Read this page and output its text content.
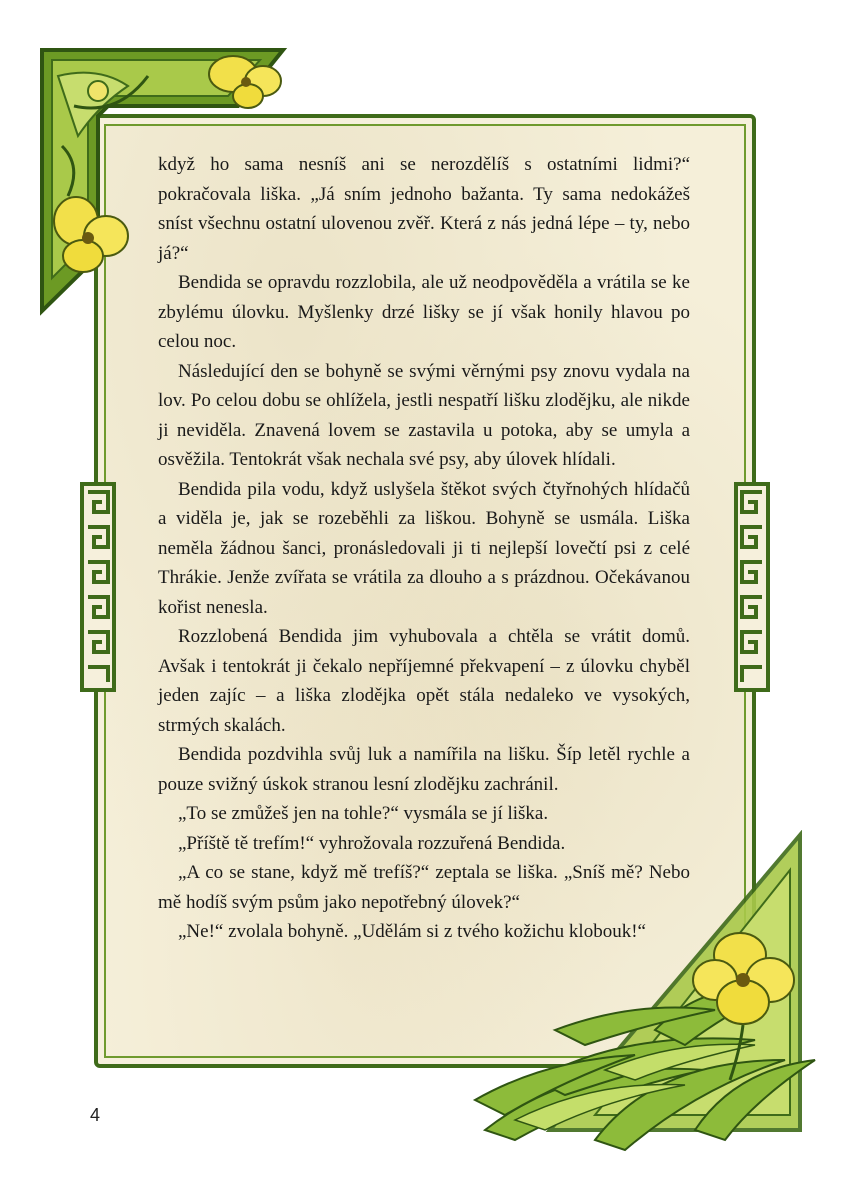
když ho sama nesníš ani se nerozdělíš s ostatními lidmi?“ pokračovala liška. „Já sním jednoho bažanta. Ty sama nedokážeš sníst všechnu ostatní ulovenou zvěř. Která z nás jedná lépe – ty, nebo já?“

Bendida se opravdu rozzlobila, ale už neodpověděla a vrátila se ke zbylému úlovku. Myšlenky drzé lišky se jí však honily hlavou po celou noc.

Následující den se bohyně se svými věrnými psy znovu vydala na lov. Po celou dobu se ohlížela, jestli nespatří lišku zlodějku, ale nikde ji neviděla. Znavená lovem se zastavila u potoka, aby se umyla a osvěžila. Tentokrát však nechala své psy, aby úlovek hlídali.

Bendida pila vodu, když uslyšela štěkot svých čtyřnohých hlídačů a viděla je, jak se rozeběhli za liškou. Bohyně se usmála. Liška neměla žádnou šanci, pronásledovali ji ti nejlepší lovečtí psi z celé Thrákie. Jenže zvířata se vrátila za dlouho a s prázdnou. Očekávanou kořist nenesla.

Rozzlobená Bendida jim vyhubovala a chtěla se vrátit domů. Avšak i tentokrát ji čekalo nepříjemné překvapení – z úlovku chyběl jeden zajíc – a liška zlodějka opět stála nedaleko ve vysokých, strmých skalách.

Bendida pozdvihla svůj luk a namířila na lišku. Šíp letěl rychle a pouze svižný úskok stranou lesní zlodějku zachránil.

„To se zmůžeš jen na tohle?“ vysmála se jí liška.

„Příště tě trefím!“ vyhrožovala rozzuřená Bendida.

„A co se stane, když mě trefíš?“ zeptala se liška. „Sníš mě? Nebo mě hodíš svým psům jako nepotřebný úlovek?“

„Ne!“ zvolala bohyně. „Udělám si z tvého kožichu klobouk!“

4
